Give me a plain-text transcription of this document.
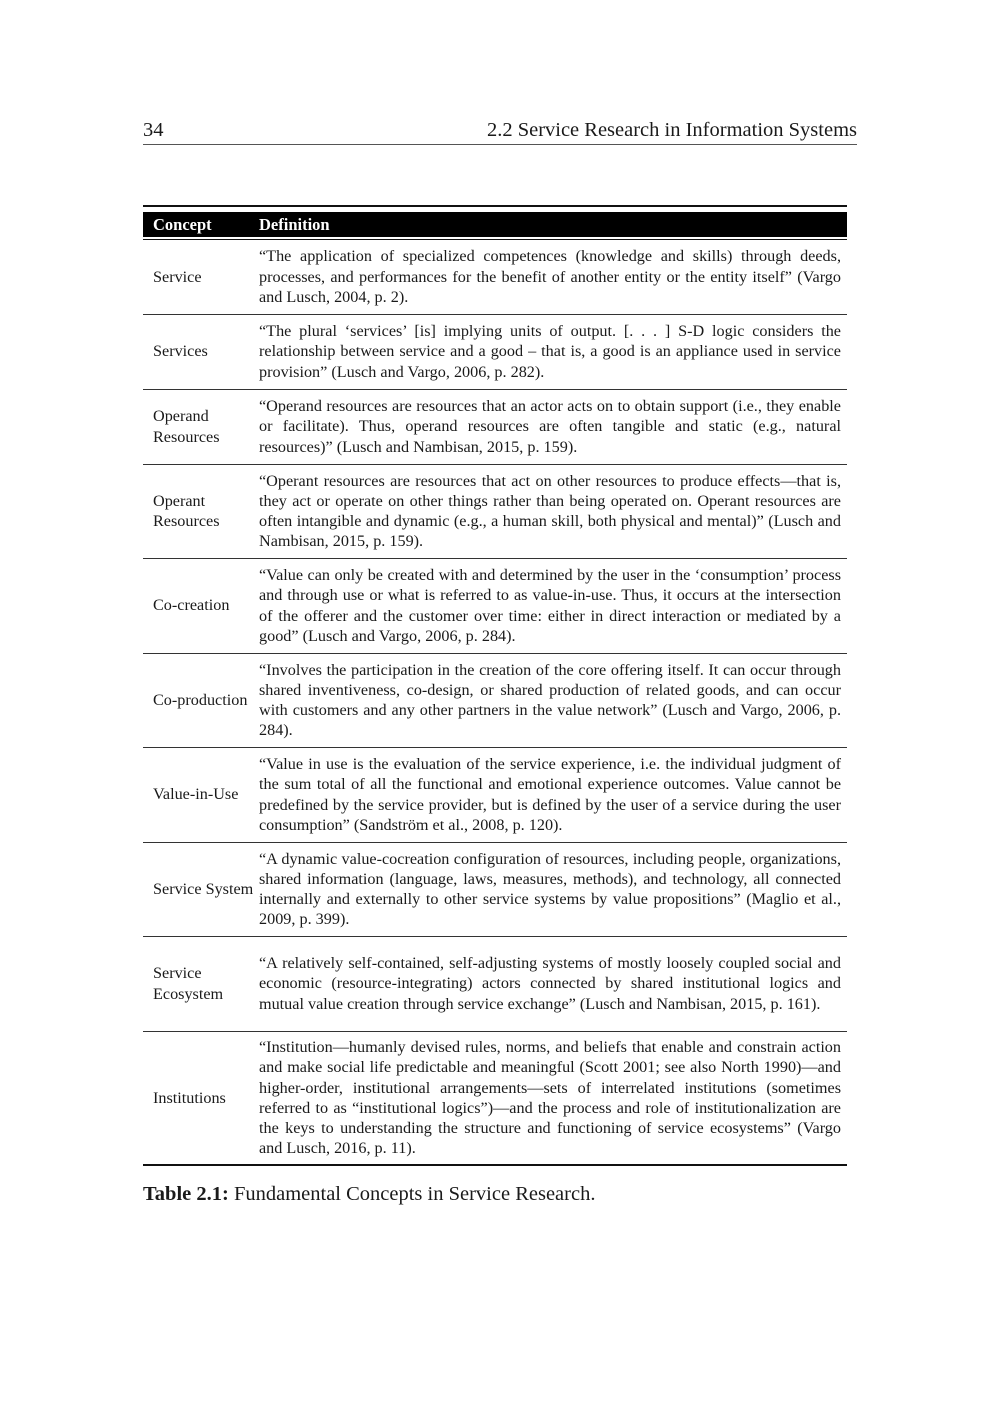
34	2.2 Service Research in Information Systems
Concept	Definition
Service	“The application of specialized competences (knowledge and skills) through deeds, processes, and performances for the benefit of another entity or the entity itself” (Vargo and Lusch, 2004, p. 2).
Services	“The plural ‘services’ [is] implying units of output. [. . . ] S-D logic considers the relationship between service and a good – that is, a good is an appliance used in service provision” (Lusch and Vargo, 2006, p. 282).
Operand Resources	“Operand resources are resources that an actor acts on to obtain support (i.e., they enable or facilitate). Thus, operand resources are often tangible and static (e.g., natural resources)” (Lusch and Nambisan, 2015, p. 159).
Operant Resources	“Operant resources are resources that act on other resources to produce effects—that is, they act or operate on other things rather than being operated on. Operant resources are often intangible and dynamic (e.g., a human skill, both physical and mental)” (Lusch and Nambisan, 2015, p. 159).
Co-creation	“Value can only be created with and determined by the user in the ‘consumption’ process and through use or what is referred to as value-in-use. Thus, it occurs at the intersection of the offerer and the customer over time: either in direct interaction or mediated by a good” (Lusch and Vargo, 2006, p. 284).
Co-production	“Involves the participation in the creation of the core offering itself. It can occur through shared inventiveness, co-design, or shared production of related goods, and can occur with customers and any other partners in the value network” (Lusch and Vargo, 2006, p. 284).
Value-in-Use	“Value in use is the evaluation of the service experience, i.e. the individual judgment of the sum total of all the functional and emotional experience outcomes. Value cannot be predefined by the service provider, but is defined by the user of a service during the user consumption” (Sandström et al., 2008, p. 120).
Service System	“A dynamic value-cocreation configuration of resources, including people, organizations, shared information (language, laws, measures, methods), and technology, all connected internally and externally to other service systems by value propositions” (Maglio et al., 2009, p. 399).
Service Ecosystem	“A relatively self-contained, self-adjusting systems of mostly loosely coupled social and economic (resource-integrating) actors connected by shared institutional logics and mutual value creation through service exchange” (Lusch and Nambisan, 2015, p. 161).
Institutions	“Institution—humanly devised rules, norms, and beliefs that enable and constrain action and make social life predictable and meaningful (Scott 2001; see also North 1990)—and higher-order, institutional arrangements—sets of interrelated institutions (sometimes referred to as “institutional logics”)—and the process and role of institutionalization are the keys to understanding the structure and functioning of service ecosystems” (Vargo and Lusch, 2016, p. 11).
Table 2.1: Fundamental Concepts in Service Research.
